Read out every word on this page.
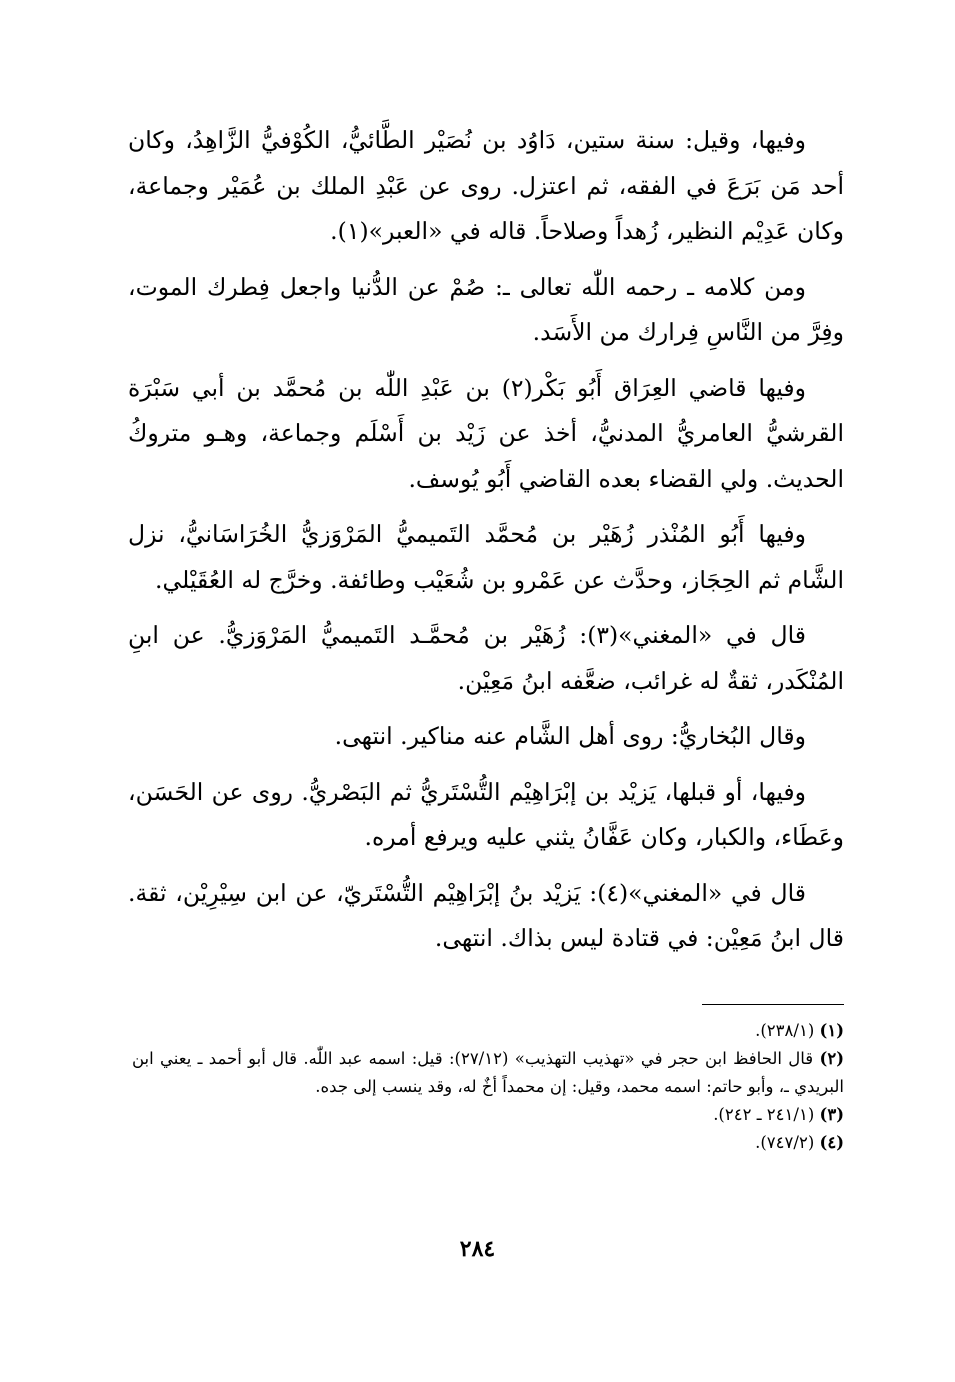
وفيها، وقيل: سنة ستين، دَاوُد بن نُصَيْر الطَّائيُّ، الكُوْفيُّ الزَّاهِدُ، وكان أحد مَن بَرَعَ في الفقه، ثم اعتزل. روى عن عَبْدِ الملك بن عُمَيْر وجماعة، وكان عَدِيْم النظير، زُهداً وصلاحاً. قاله في «العبر»(١).

ومن كلامه ـ رحمه اللّٰه تعالى ـ: صُمْ عن الدُّنيا واجعل فِطرك الموت، وفِرَّ من النَّاسِ فِرارك من الأَسَد.

وفيها قاضي العِرَاق أَبُو بَكْر(٢) بن عَبْدِ اللّٰه بن مُحمَّد بن أبي سَبْرَة القرشيُّ العامريُّ المدنيُّ، أخذ عن زَيْد بن أَسْلَم وجماعة، وهـو متروكُ الحديث. ولي القضاء بعده القاضي أَبُو يُوسف.

وفيها أَبُو المُنْذر زُهَيْر بن مُحمَّد التَميميُّ المَرْوَزيُّ الخُرَاسَانيُّ، نزل الشَّام ثم الحِجَاز، وحدَّث عن عَمْرو بن شُعَيْب وطائفة. وخرَّج له العُقَيْلي.

قال في «المغني»(٣): زُهَيْر بن مُحمَّـد التَميميُّ المَرْوَزيُّ. عن ابنِ المُنْكَدر، ثقةٌ له غرائب، ضعَّفه ابنُ مَعِيْن.

وقال البُخاريُّ: روى أهل الشَّام عنه مناكير. انتهى.

وفيها، أو قبلها، يَزيْد بن إبْرَاهِيْم التُّسْتَريُّ ثم البَصْريُّ. روى عن الحَسَن، وعَطَاء، والكبار، وكان عَفَّانُ يثني عليه ويرفع أمره.

قال في «المغني»(٤): يَزيْد بنُ إبْرَاهِيْم التُّسْتَريّ، عن ابن سِيْرِيْن، ثقة. قال ابنُ مَعِيْن: في قتادة ليس بذاك. انتهى.

(١) (٢٣٨/١).

(٢) قال الحافظ ابن حجر في «تهذيب التهذيب» (٢٧/١٢): قيل: اسمه عبد اللّٰه. قال أبو أحمد ـ يعني ابن البريدي ـ، وأبو حاتم: اسمه محمد، وقيل: إن محمداً أخٌ له، وقد ينسب إلى جده.

(٣) (٢٤١/١ ـ ٢٤٢).

(٤) (٧٤٧/٢).

٢٨٤
